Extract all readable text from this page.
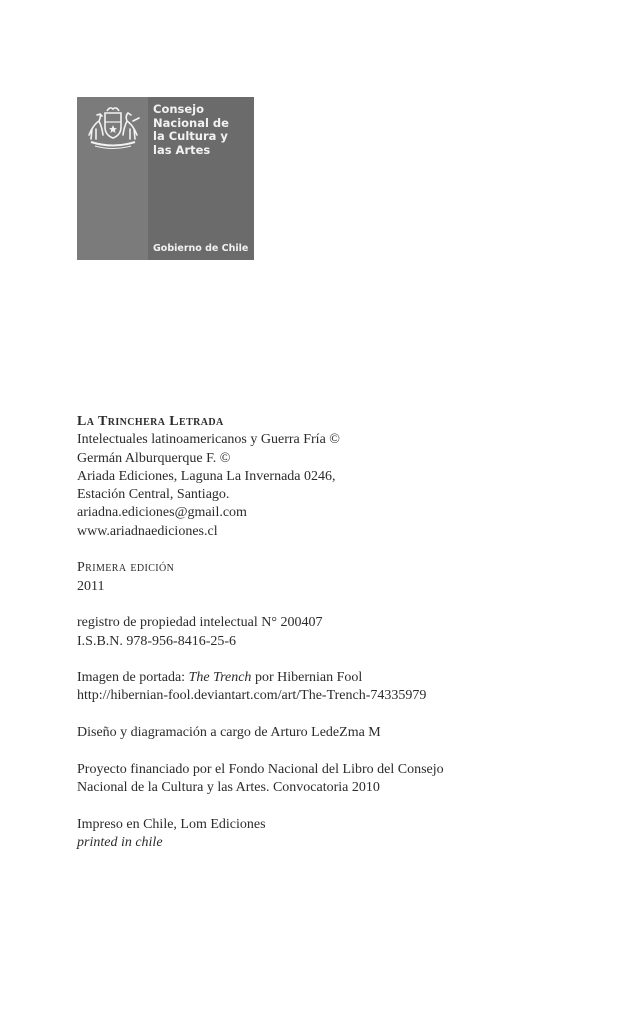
Consejo
Nacional de
la Cultura y
las Artes
Gobierno de Chile
La Trinchera Letrada
Intelectuales latinoamericanos y Guerra Fría ©
Germán Alburquerque F. ©
Ariada Ediciones, Laguna La Invernada 0246,
Estación Central, Santiago.
ariadna.ediciones@gmail.com
www.ariadnaediciones.cl
Primera edición
2011
registro de propiedad intelectual N° 200407
I.S.B.N. 978-956-8416-25-6
Imagen de portada: The Trench por Hibernian Fool
http://hibernian-fool.deviantart.com/art/The-Trench-74335979
Diseño y diagramación a cargo de Arturo LedeZma M
Proyecto financiado por el Fondo Nacional del Libro del Consejo
Nacional de la Cultura y las Artes. Convocatoria 2010
Impreso en Chile, Lom Ediciones
printed in chile
